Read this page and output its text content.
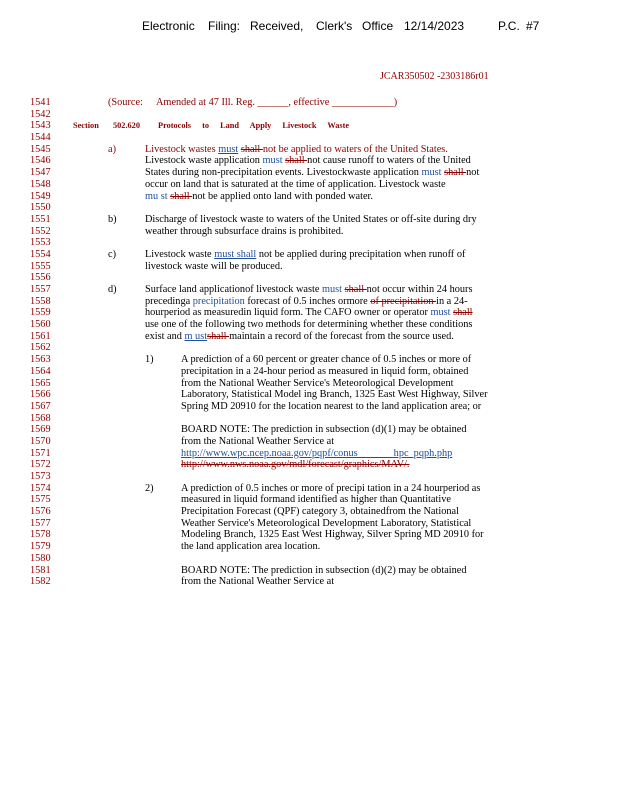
Electronic Filing: Received, Clerk's Office 12/14/2023	P.C. #7
JCAR350502 -2303186r01
1541	(Source: Amended at 47 Ill. Reg. ______, effective ____________)
1542
1543	Section 502.620 Protocols to Land Apply Livestock Waste
1544
1545	a)	Livestock wastes must shall not be applied to waters of the United States.
1546	Livestock waste application must shall not cause runoff to waters of the United
1547	States during non-precipitation events. Livestockwaste application must shall not
1548	occur on land that is saturated at the time of application. Livestock waste
1549	mu st shall not be applied onto land with ponded water.
1550
1551	b)	Discharge of livestock waste to waters of the United States or off-site during dry
1552	weather through subsurface drains is prohibited.
1553
1554	c)	Livestock waste must shall not be applied during precipitation when runoff of
1555	livestock waste will be produced.
1556
1557	d)	Surface land applicationof livestock waste must shall not occur within 24 hours
1558	precedinga precipitation forecast of 0.5 inches ormore of precipitation in a 24-
1559	hourperiod as measuredin liquid form. The CAFO owner or operator must shall
1560	use one of the following two methods for determining whether these conditions
1561	exist and m ustshall maintain a record of the forecast from the source used.
1562
1563	1)	A prediction of a 60 percent or greater chance of 0.5 inches or more of
1564	precipitation in a 24-hour period as measured in liquid form, obtained
1565	from the National Weather Service's Meteorological Development
1566	Laboratory, Statistical Model ing Branch, 1325 East West Highway, Silver
1567	Spring MD 20910 for the location nearest to the land application area; or
1568
1569	BOARD NOTE: The prediction in subsection (d)(1) may be obtained
1570	from the National Weather Service at
1571	http://www.wpc.ncep.noaa.gov/pqpf/conus              hpc_pqph.php
1572	http://www.nws.noaa.gov/mdl/forecast/graphics/MAV/.
1573
1574	2)	A prediction of 0.5 inches or more of precipi tation in a 24 hourperiod as
1575	measured in liquid formand identified as higher than Quantitative
1576	Precipitation Forecast (QPF) category 3, obtainedfrom the National
1577	Weather Service's Meteorological Development Laboratory, Statistical
1578	Modeling Branch, 1325 East West Highway, Silver Spring MD 20910 for
1579	the land application area location.
1580
1581	BOARD NOTE: The prediction in subsection (d)(2) may be obtained
1582	from the National Weather Service at
